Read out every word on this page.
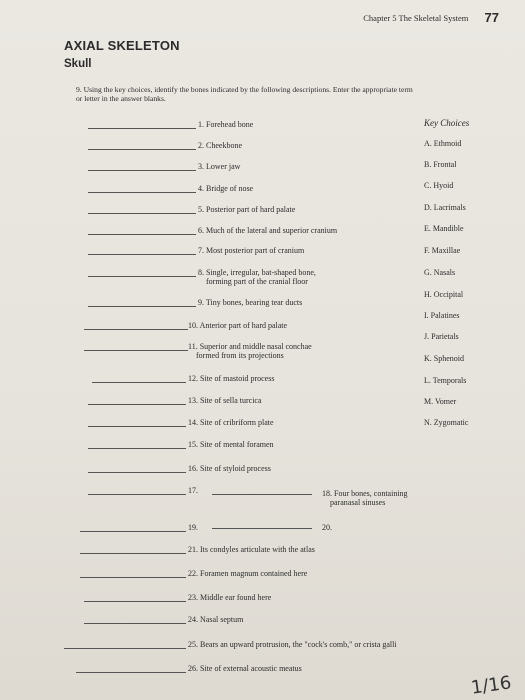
Chapter 5 The Skeletal System 77
AXIAL SKELETON
Skull
9. Using the key choices, identify the bones indicated by the following descriptions. Enter the appropriate term or letter in the answer blanks.
Key Choices
A. Ethmoid
B. Frontal
C. Hyoid
D. Lacrimals
E. Mandible
F. Maxillae
G. Nasals
H. Occipital
I. Palatines
J. Parietals
K. Sphenoid
L. Temporals
M. Vomer
N. Zygomatic
1. Forehead bone
2. Cheekbone
3. Lower jaw
4. Bridge of nose
5. Posterior part of hard palate
6. Much of the lateral and superior cranium
7. Most posterior part of cranium
8. Single, irregular, bat-shaped bone,
forming part of the cranial floor
9. Tiny bones, bearing tear ducts
10. Anterior part of hard palate
11. Superior and middle nasal conchae
formed from its projections
12. Site of mastoid process
13. Site of sella turcica
14. Site of cribriform plate
15. Site of mental foramen
16. Site of styloid process
17.	18. Four bones, containing
paranasal sinuses
19.	20.
21. Its condyles articulate with the atlas
22. Foramen magnum contained here
23. Middle ear found here
24. Nasal septum
25. Bears an upward protrusion, the "cock's comb," or crista galli
26. Site of external acoustic meatus
1/16
